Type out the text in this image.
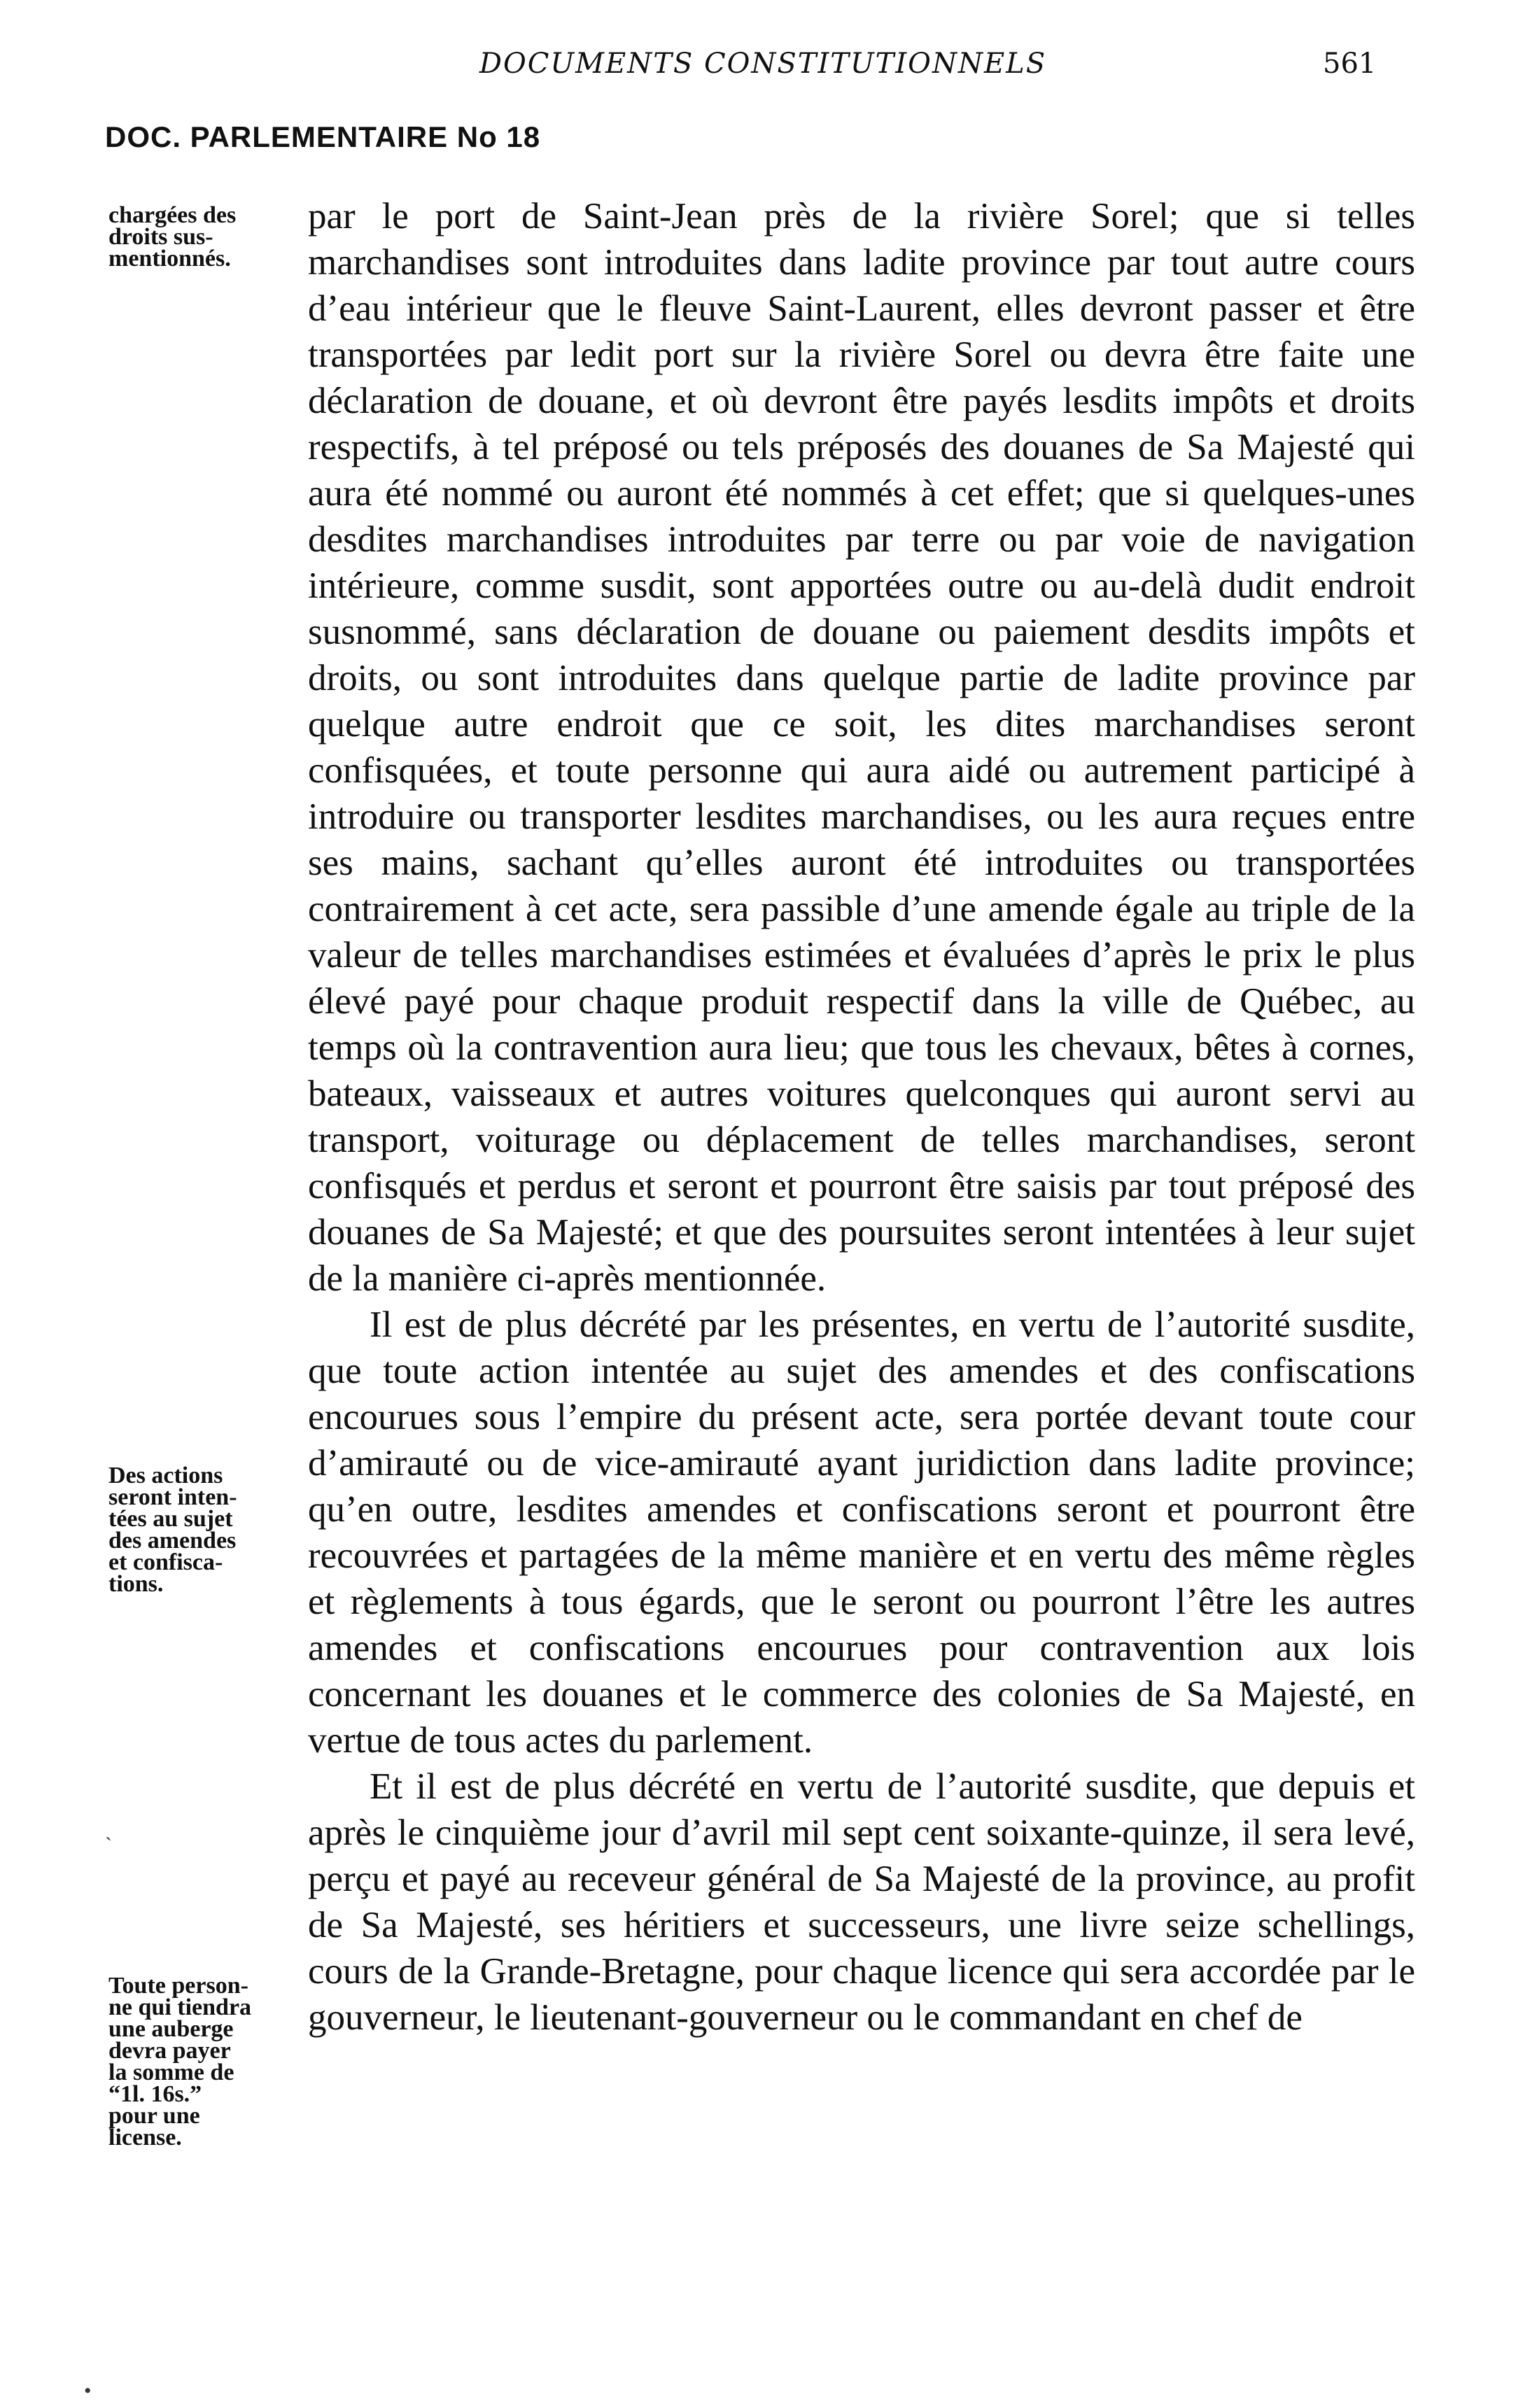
DOCUMENTS CONSTITUTIONNELS	561
DOC. PARLEMENTAIRE No 18
chargées des
droits sus-
mentionnés.
Des actions
seront inten-
tées au sujet
des amendes
et confisca-
tions.
Toute person-
ne qui tiendra
une auberge
devra payer
la somme de
“1l. 16s.”
pour une
license.

par le port de Saint-Jean près de la rivière Sorel; que si telles marchandises sont introduites dans ladite province par tout autre cours d’eau intérieur que le fleuve Saint-Laurent, elles devront passer et être transportées par ledit port sur la rivière Sorel ou devra être faite une déclaration de douane, et où devront être payés lesdits impôts et droits respectifs, à tel préposé ou tels préposés des douanes de Sa Majesté qui aura été nommé ou auront été nommés à cet effet; que si quelques-unes desdites marchandises introduites par terre ou par voie de navigation intérieure, comme susdit, sont apportées outre ou au-delà dudit endroit susnommé, sans déclaration de douane ou paiement desdits impôts et droits, ou sont introduites dans quelque partie de ladite province par quelque autre endroit que ce soit, les dites marchandises seront confisquées, et toute personne qui aura aidé ou autrement participé à introduire ou transporter lesdites marchandises, ou les aura reçues entre ses mains, sachant qu’elles auront été introduites ou transportées contrairement à cet acte, sera passible d’une amende égale au triple de la valeur de telles marchandises estimées et évaluées d’après le prix le plus élevé payé pour chaque produit respectif dans la ville de Québec, au temps où la contravention aura lieu; que tous les chevaux, bêtes à cornes, bateaux, vaisseaux et autres voitures quelconques qui auront servi au transport, voiturage ou déplacement de telles marchandises, seront confisqués et perdus et seront et pourront être saisis par tout préposé des douanes de Sa Majesté; et que des poursuites seront intentées à leur sujet de la manière ci-après mentionnée.

Il est de plus décrété par les présentes, en vertu de l’autorité susdite, que toute action intentée au sujet des amendes et des confiscations encourues sous l’empire du présent acte, sera portée devant toute cour d’amirauté ou de vice-amirauté ayant juridiction dans ladite province; qu’en outre, lesdites amendes et confiscations seront et pourront être recouvrées et partagées de la même manière et en vertu des même règles et règlements à tous égards, que le seront ou pourront l’être les autres amendes et confiscations encourues pour contravention aux lois concernant les douanes et le commerce des colonies de Sa Majesté, en vertue de tous actes du parlement.

Et il est de plus décrété en vertu de l’autorité susdite, que depuis et après le cinquième jour d’avril mil sept cent soixante-quinze, il sera levé, perçu et payé au receveur général de Sa Majesté de la province, au profit de Sa Majesté, ses héritiers et successeurs, une livre seize schellings, cours de la Grande-Bretagne, pour chaque licence qui sera accordée par le gouverneur, le lieutenant-gouverneur ou le commandant en chef de

`
•
